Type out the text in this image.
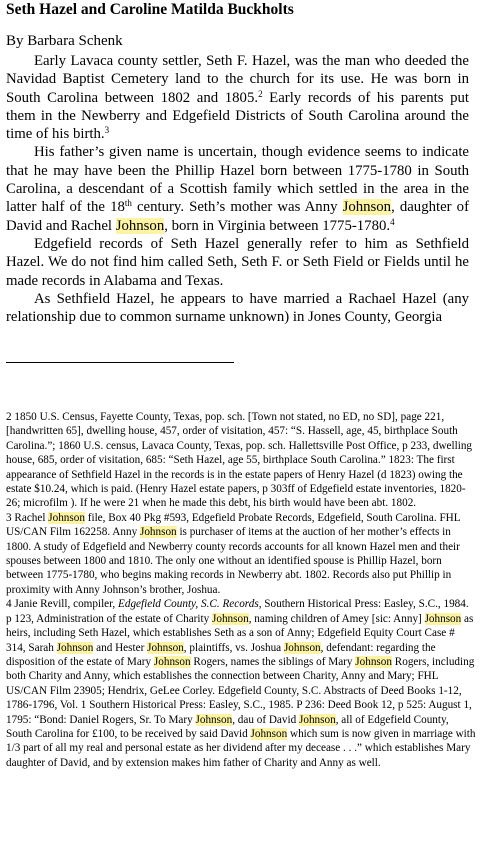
Seth Hazel and Caroline Matilda Buckholts
By Barbara Schenk

Early Lavaca county settler, Seth F. Hazel, was the man who deeded the Navidad Baptist Cemetery land to the church for its use. He was born in South Carolina between 1802 and 1805.$^2$ Early records of his parents put them in the Newberry and Edgefield Districts of South Carolina around the time of his birth.$^3$

His father’s given name is uncertain, though evidence seems to indicate that he may have been the Phillip Hazel born between 1775-1780 in South Carolina, a descendant of a Scottish family which settled in the area in the latter half of the 18th century. Seth’s mother was Anny Johnson, daughter of David and Rachel Johnson, born in Virginia between 1775-1780.$^4$

Edgefield records of Seth Hazel generally refer to him as Sethfield Hazel. We do not find him called Seth, Seth F. or Seth Field or Fields until he made records in Alabama and Texas.

As Sethfield Hazel, he appears to have married a Rachael Hazel (any relationship due to common surname unknown) in Jones County, Georgia

2 1850 U.S. Census, Fayette County, Texas, pop. sch. [Town not stated, no ED, no SD], page 221, [handwritten 65], dwelling house, 457, order of visitation, 457: “S. Hassell, age, 45, birthplace South Carolina.”; 1860 U.S. census, Lavaca County, Texas, pop. sch. Hallettsville Post Office, p 233, dwelling house, 685, order of visitation, 685: “Seth Hazel, age 55, birthplace South Carolina.” 1823: The first appearance of Sethfield Hazel in the records is in the estate papers of Henry Hazel (d 1823) owing the estate $10.24, which is paid. (Henry Hazel estate papers, p 303ff of Edgefield estate inventories, 1820-26; microfilm ). If he were 21 when he made this debt, his birth would have been abt. 1802.

3 Rachel Johnson file, Box 40 Pkg #593, Edgefield Probate Records, Edgefield, South Carolina. FHL US/CAN Film 162258. Anny Johnson is purchaser of items at the auction of her mother’s effects in 1800. A study of Edgefield and Newberry county records accounts for all known Hazel men and their spouses between 1800 and 1810. The only one without an identified spouse is Phillip Hazel, born between 1775-1780, who begins making records in Newberry abt. 1802. Records also put Phillip in proximity with Anny Johnson’s brother, Joshua.

4 Janie Revill, compiler, Edgefield County, S.C. Records, Southern Historical Press: Easley, S.C., 1984. p 123, Administration of the estate of Charity Johnson, naming children of Amey [sic: Anny] Johnson as heirs, including Seth Hazel, which establishes Seth as a son of Anny; Edgefield Equity Court Case # 314, Sarah Johnson and Hester Johnson, plaintiffs, vs. Joshua Johnson, defendant: regarding the disposition of the estate of Mary Johnson Rogers, names the siblings of Mary Johnson Rogers, including both Charity and Anny, which establishes the connection between Charity, Anny and Mary; FHL US/CAN Film 23905; Hendrix, GeLee Corley. Edgefield County, S.C. Abstracts of Deed Books 1-12, 1786-1796, Vol. 1 Southern Historical Press: Easley, S.C., 1985. P 236: Deed Book 12, p 525: August 1, 1795: “Bond: Daniel Rogers, Sr. To Mary Johnson, dau of David Johnson, all of Edgefield County, South Carolina for £100, to be received by said David Johnson which sum is now given in marriage with 1/3 part of all my real and personal estate as her dividend after my decease . . .” which establishes Mary daughter of David, and by extension makes him father of Charity and Anny as well.
